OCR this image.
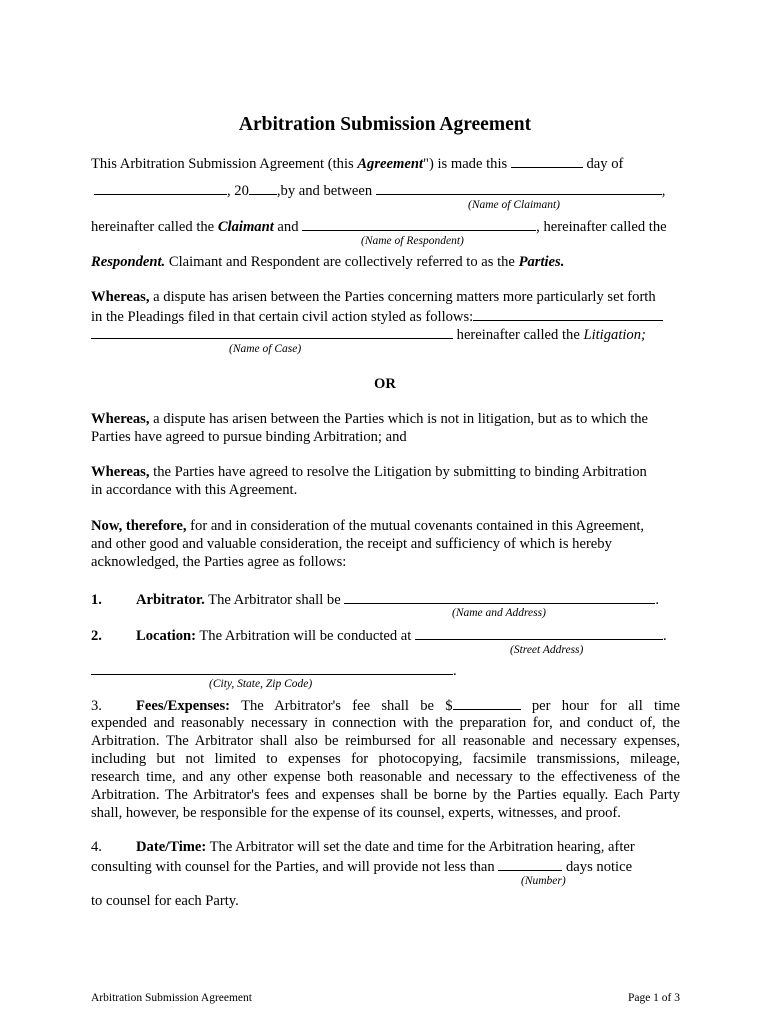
Arbitration Submission Agreement
This Arbitration Submission Agreement (this Agreement") is made this	day of
, 20 ,by and between	,
(Name of Claimant)
hereinafter called the Claimant and	, hereinafter called the
(Name of Respondent)
Respondent. Claimant and Respondent are collectively referred to as the Parties.
Whereas, a dispute has arisen between the Parties concerning matters more particularly set forth
in the Pleadings filed in that certain civil action styled as follows:
hereinafter called the Litigation;
(Name of Case)
OR
Whereas, a dispute has arisen between the Parties which is not in litigation, but as to which the
Parties have agreed to pursue binding Arbitration; and
Whereas, the Parties have agreed to resolve the Litigation by submitting to binding Arbitration
in accordance with this Agreement.
Now, therefore, for and in consideration of the mutual covenants contained in this Agreement,
and other good and valuable consideration, the receipt and sufficiency of which is hereby
acknowledged, the Parties agree as follows:
1. Arbitrator. The Arbitrator shall be	.
(Name and Address)
2. Location: The Arbitration will be conducted at	.
(Street Address)
.
(City, State, Zip Code)
3. Fees/Expenses: The Arbitrator's fee shall be $	per hour for all time
expended and reasonably necessary in connection with the preparation for, and conduct of, the
Arbitration. The Arbitrator shall also be reimbursed for all reasonable and necessary expenses,
including but not limited to expenses for photocopying, facsimile transmissions, mileage,
research time, and any other expense both reasonable and necessary to the effectiveness of the
Arbitration. The Arbitrator's fees and expenses shall be borne by the Parties equally. Each Party
shall, however, be responsible for the expense of its counsel, experts, witnesses, and proof.
4. Date/Time: The Arbitrator will set the date and time for the Arbitration hearing, after
consulting with counsel for the Parties, and will provide not less than	days notice
(Number)
to counsel for each Party.
Arbitration Submission Agreement	Page 1 of 3
